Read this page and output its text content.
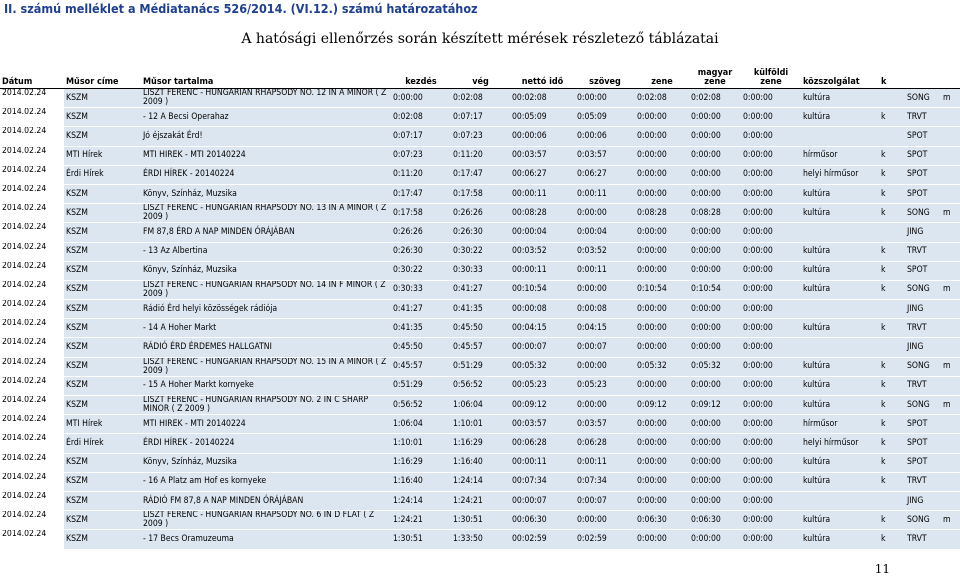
II. számú melléklet a Médiatanács 526/2014. (VI.12.) számú határozatához
A hatósági ellenőrzés során készített mérések részletező táblázatai
Dátum	Műsor címe	Műsor tartalma	kezdés	vég	nettó idő	szöveg	zene	magyar zene	külföldi zene	közszolgálat	k		
2014.02.24	KSZM	LISZT FERENC - HUNGARIAN RHAPSODY NO. 12 IN A MINOR ( Z 2009 )	0:00:00	0:02:08	00:02:08	0:00:00	0:02:08	0:02:08	0:00:00	kultúra		SONG	m
2014.02.24	KSZM	- 12 A Becsi Operahaz	0:02:08	0:07:17	00:05:09	0:05:09	0:00:00	0:00:00	0:00:00	kultúra	k	TRVT	
2014.02.24	KSZM	Jó éjszakát Érd!	0:07:17	0:07:23	00:00:06	0:00:06	0:00:00	0:00:00	0:00:00			SPOT	
2014.02.24	MTI Hírek	MTI HIREK - MTI 20140224	0:07:23	0:11:20	00:03:57	0:03:57	0:00:00	0:00:00	0:00:00	hírműsor	k	SPOT	
2014.02.24	Érdi Hírek	ÉRDI HÍREK - 20140224	0:11:20	0:17:47	00:06:27	0:06:27	0:00:00	0:00:00	0:00:00	helyi hírműsor	k	SPOT	
2014.02.24	KSZM	Könyv, Színház, Muzsika	0:17:47	0:17:58	00:00:11	0:00:11	0:00:00	0:00:00	0:00:00	kultúra	k	SPOT	
2014.02.24	KSZM	LISZT FERENC - HUNGARIAN RHAPSODY NO. 13 IN A MINOR ( Z 2009 )	0:17:58	0:26:26	00:08:28	0:00:00	0:08:28	0:08:28	0:00:00	kultúra	k	SONG	m
2014.02.24	KSZM	FM 87,8 ÉRD A NAP MINDEN ÓRÁJÁBAN	0:26:26	0:26:30	00:00:04	0:00:04	0:00:00	0:00:00	0:00:00			JING	
2014.02.24	KSZM	- 13 Az Albertina	0:26:30	0:30:22	00:03:52	0:03:52	0:00:00	0:00:00	0:00:00	kultúra	k	TRVT	
2014.02.24	KSZM	Könyv, Színház, Muzsika	0:30:22	0:30:33	00:00:11	0:00:11	0:00:00	0:00:00	0:00:00	kultúra	k	SPOT	
2014.02.24	KSZM	LISZT FERENC - HUNGARIAN RHAPSODY NO. 14 IN F MINOR ( Z 2009 )	0:30:33	0:41:27	00:10:54	0:00:00	0:10:54	0:10:54	0:00:00	kultúra	k	SONG	m
2014.02.24	KSZM	Rádió Érd helyi közösségek rádiója	0:41:27	0:41:35	00:00:08	0:00:08	0:00:00	0:00:00	0:00:00			JING	
2014.02.24	KSZM	- 14 A Hoher Markt	0:41:35	0:45:50	00:04:15	0:04:15	0:00:00	0:00:00	0:00:00	kultúra	k	TRVT	
2014.02.24	KSZM	RÁDIÓ ÉRD ÉRDEMES HALLGATNI	0:45:50	0:45:57	00:00:07	0:00:07	0:00:00	0:00:00	0:00:00			JING	
2014.02.24	KSZM	LISZT FERENC - HUNGARIAN RHAPSODY NO. 15 IN A MINOR ( Z 2009 )	0:45:57	0:51:29	00:05:32	0:00:00	0:05:32	0:05:32	0:00:00	kultúra	k	SONG	m
2014.02.24	KSZM	- 15 A Hoher Markt kornyeke	0:51:29	0:56:52	00:05:23	0:05:23	0:00:00	0:00:00	0:00:00	kultúra	k	TRVT	
2014.02.24	KSZM	LISZT FERENC - HUNGARIAN RHAPSODY NO. 2 IN C SHARP MINOR ( Z 2009 )	0:56:52	1:06:04	00:09:12	0:00:00	0:09:12	0:09:12	0:00:00	kultúra	k	SONG	m
2014.02.24	MTI Hírek	MTI HIREK - MTI 20140224	1:06:04	1:10:01	00:03:57	0:03:57	0:00:00	0:00:00	0:00:00	hírműsor	k	SPOT	
2014.02.24	Érdi Hírek	ÉRDI HÍREK - 20140224	1:10:01	1:16:29	00:06:28	0:06:28	0:00:00	0:00:00	0:00:00	helyi hírműsor	k	SPOT	
2014.02.24	KSZM	Könyv, Színház, Muzsika	1:16:29	1:16:40	00:00:11	0:00:11	0:00:00	0:00:00	0:00:00	kultúra	k	SPOT	
2014.02.24	KSZM	- 16 A Platz am Hof es kornyeke	1:16:40	1:24:14	00:07:34	0:07:34	0:00:00	0:00:00	0:00:00	kultúra	k	TRVT	
2014.02.24	KSZM	RÁDIÓ FM 87,8 A NAP MINDEN ÓRÁJÁBAN	1:24:14	1:24:21	00:00:07	0:00:07	0:00:00	0:00:00	0:00:00			JING	
2014.02.24	KSZM	LISZT FERENC - HUNGARIAN RHAPSODY NO. 6 IN D FLAT ( Z 2009 )	1:24:21	1:30:51	00:06:30	0:00:00	0:06:30	0:06:30	0:00:00	kultúra	k	SONG	m
2014.02.24	KSZM	- 17 Becs Oramuzeuma	1:30:51	1:33:50	00:02:59	0:02:59	0:00:00	0:00:00	0:00:00	kultúra	k	TRVT	
11
